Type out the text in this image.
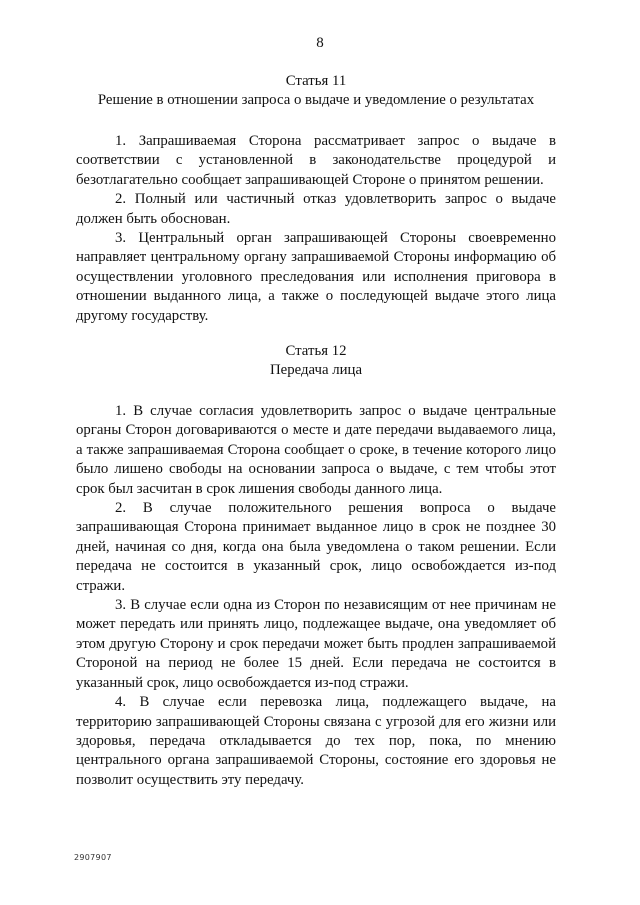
8
Статья 11
Решение в отношении запроса о выдаче и уведомление о результатах

1. Запрашиваемая Сторона рассматривает запрос о выдаче в соответствии с установленной в законодательстве процедурой и безотлагательно сообщает запрашивающей Стороне о принятом решении.

2. Полный или частичный отказ удовлетворить запрос о выдаче должен быть обоснован.

3. Центральный орган запрашивающей Стороны своевременно направляет центральному органу запрашиваемой Стороны информацию об осуществлении уголовного преследования или исполнения приговора в отношении выданного лица, а также о последующей выдаче этого лица другому государству.

Статья 12
Передача лица

1. В случае согласия удовлетворить запрос о выдаче центральные органы Сторон договариваются о месте и дате передачи выдаваемого лица, а также запрашиваемая Сторона сообщает о сроке, в течение которого лицо было лишено свободы на основании запроса о выдаче, с тем чтобы этот срок был засчитан в срок лишения свободы данного лица.

2. В случае положительного решения вопроса о выдаче запрашивающая Сторона принимает выданное лицо в срок не позднее 30 дней, начиная со дня, когда она была уведомлена о таком решении. Если передача не состоится в указанный срок, лицо освобождается из-под стражи.

3. В случае если одна из Сторон по независящим от нее причинам не может передать или принять лицо, подлежащее выдаче, она уведомляет об этом другую Сторону и срок передачи может быть продлен запрашиваемой Стороной на период не более 15 дней. Если передача не состоится в указанный срок, лицо освобождается из-под стражи.

4. В случае если перевозка лица, подлежащего выдаче, на территорию запрашивающей Стороны связана с угрозой для его жизни или здоровья, передача откладывается до тех пор, пока, по мнению центрального органа запрашиваемой Стороны, состояние его здоровья не позволит осуществить эту передачу.

2907907
